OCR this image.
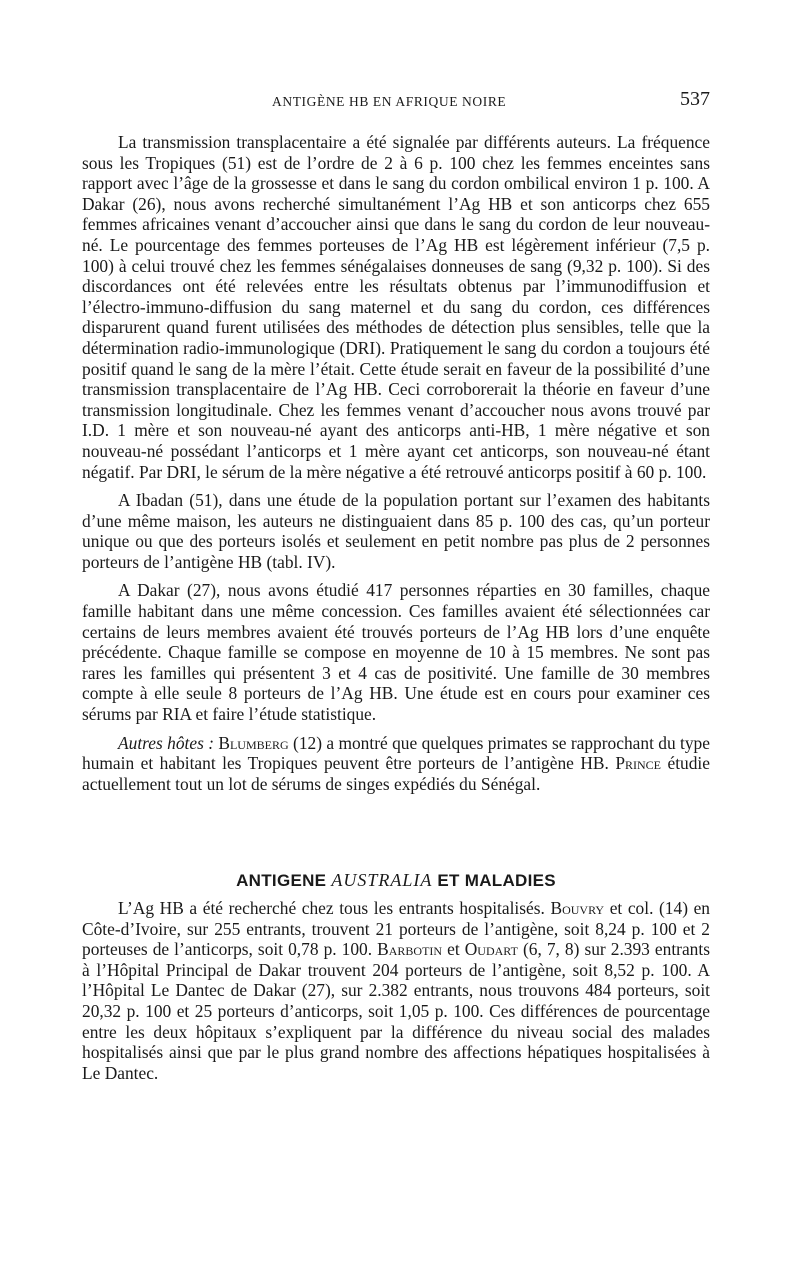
ANTIGÈNE HB EN AFRIQUE NOIRE	537

La transmission transplacentaire a été signalée par différents auteurs. La fréquence sous les Tropiques (51) est de l’ordre de 2 à 6 p. 100 chez les femmes enceintes sans rapport avec l’âge de la grossesse et dans le sang du cordon ombilical environ 1 p. 100. A Dakar (26), nous avons recherché simultanément l’Ag HB et son anticorps chez 655 femmes africaines venant d’accoucher ainsi que dans le sang du cordon de leur nouveau-né. Le pourcentage des femmes porteuses de l’Ag HB est légèrement inférieur (7,5 p. 100) à celui trouvé chez les femmes sénégalaises donneuses de sang (9,32 p. 100). Si des discordances ont été relevées entre les résultats obtenus par l’immunodiffusion et l’électro-immuno-diffusion du sang maternel et du sang du cordon, ces différences disparurent quand furent utilisées des méthodes de détection plus sensibles, telle que la détermination radio-immunologique (DRI). Pratiquement le sang du cordon a toujours été positif quand le sang de la mère l’était. Cette étude serait en faveur de la possibilité d’une transmission transplacentaire de l’Ag HB. Ceci corroborerait la théorie en faveur d’une transmission longitudinale. Chez les femmes venant d’accoucher nous avons trouvé par I.D. 1 mère et son nouveau-né ayant des anticorps anti-HB, 1 mère négative et son nouveau-né possédant l’anticorps et 1 mère ayant cet anticorps, son nouveau-né étant négatif. Par DRI, le sérum de la mère négative a été retrouvé anticorps positif à 60 p. 100.

A Ibadan (51), dans une étude de la population portant sur l’examen des habitants d’une même maison, les auteurs ne distinguaient dans 85 p. 100 des cas, qu’un porteur unique ou que des porteurs isolés et seulement en petit nombre pas plus de 2 personnes porteurs de l’antigène HB (tabl. IV).

A Dakar (27), nous avons étudié 417 personnes réparties en 30 familles, chaque famille habitant dans une même concession. Ces familles avaient été sélectionnées car certains de leurs membres avaient été trouvés porteurs de l’Ag HB lors d’une enquête précédente. Chaque famille se compose en moyenne de 10 à 15 membres. Ne sont pas rares les familles qui présentent 3 et 4 cas de positivité. Une famille de 30 membres compte à elle seule 8 porteurs de l’Ag HB. Une étude est en cours pour examiner ces sérums par RIA et faire l’étude statistique.

Autres hôtes : Blumberg (12) a montré que quelques primates se rapprochant du type humain et habitant les Tropiques peuvent être porteurs de l’antigène HB. Prince étudie actuellement tout un lot de sérums de singes expédiés du Sénégal.

ANTIGENE AUSTRALIA ET MALADIES

L’Ag HB a été recherché chez tous les entrants hospitalisés. Bouvry et col. (14) en Côte-d’Ivoire, sur 255 entrants, trouvent 21 porteurs de l’antigène, soit 8,24 p. 100 et 2 porteuses de l’anticorps, soit 0,78 p. 100. Barbotin et Oudart (6, 7, 8) sur 2.393 entrants à l’Hôpital Principal de Dakar trouvent 204 porteurs de l’antigène, soit 8,52 p. 100. A l’Hôpital Le Dantec de Dakar (27), sur 2.382 entrants, nous trouvons 484 porteurs, soit 20,32 p. 100 et 25 porteurs d’anticorps, soit 1,05 p. 100. Ces différences de pourcentage entre les deux hôpitaux s’expliquent par la différence du niveau social des malades hospitalisés ainsi que par le plus grand nombre des affections hépatiques hospitalisées à Le Dantec.
